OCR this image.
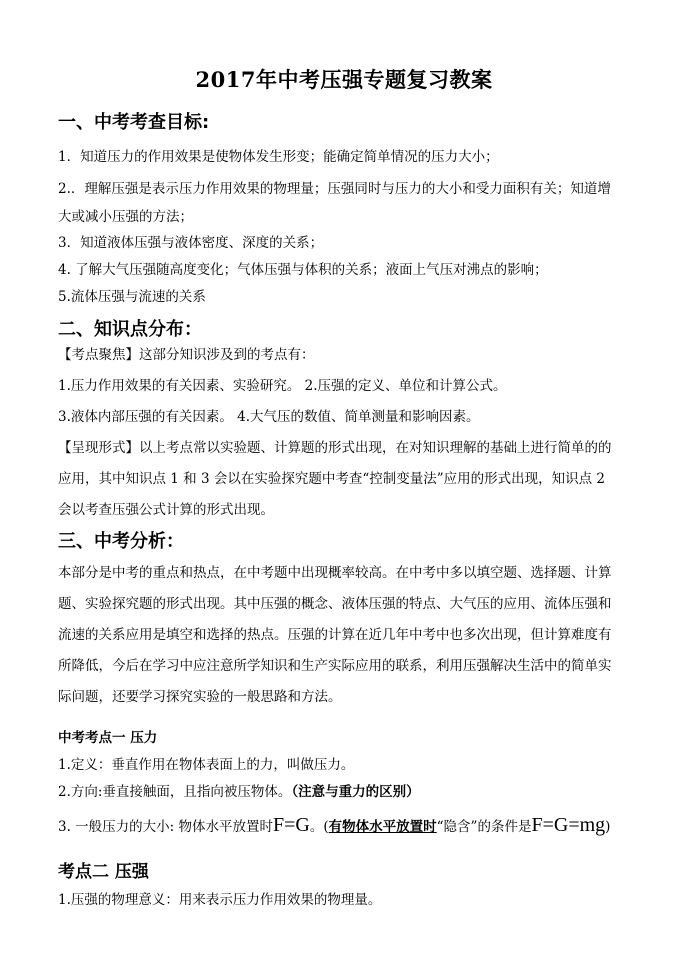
2017年中考压强专题复习教案
一、中考考查目标:
1．知道压力的作用效果是使物体发生形变；能确定简单情况的压力大小；
2.．理解压强是表示压力作用效果的物理量；压强同时与压力的大小和受力面积有关；知道增
大或减小压强的方法；
3．知道液体压强与液体密度、深度的关系；
4. 了解大气压强随高度变化；气体压强与体积的关系；液面上气压对沸点的影响；
5.流体压强与流速的关系
二、知识点分布：
【考点聚焦】这部分知识涉及到的考点有：
1.压力作用效果的有关因素、实验研究。 2.压强的定义、单位和计算公式。
3.液体内部压强的有关因素。 4.大气压的数值、简单测量和影响因素。
【呈现形式】以上考点常以实验题、计算题的形式出现，在对知识理解的基础上进行简单的的
应用，其中知识点 1 和 3 会以在实验探究题中考查“控制变量法”应用的形式出现，知识点 2
会以考查压强公式计算的形式出现。
三、中考分析：
本部分是中考的重点和热点，在中考题中出现概率较高。在中考中多以填空题、选择题、计算
题、实验探究题的形式出现。其中压强的概念、液体压强的特点、大气压的应用、流体压强和
流速的关系应用是填空和选择的热点。压强的计算在近几年中考中也多次出现，但计算难度有
所降低，今后在学习中应注意所学知识和生产实际应用的联系，利用压强解决生活中的简单实
际问题，还要学习探究实验的一般思路和方法。
中考考点一 压力
1.定义：垂直作用在物体表面上的力，叫做压力。
2.方向:垂直接触面，且指向被压物体。（注意与重力的区别）
3. 一般压力的大小: 物体水平放置时F=G。(有物体水平放置时“隐含”的条件是F=G=mg)
考点二 压强
1.压强的物理意义：用来表示压力作用效果的物理量。
